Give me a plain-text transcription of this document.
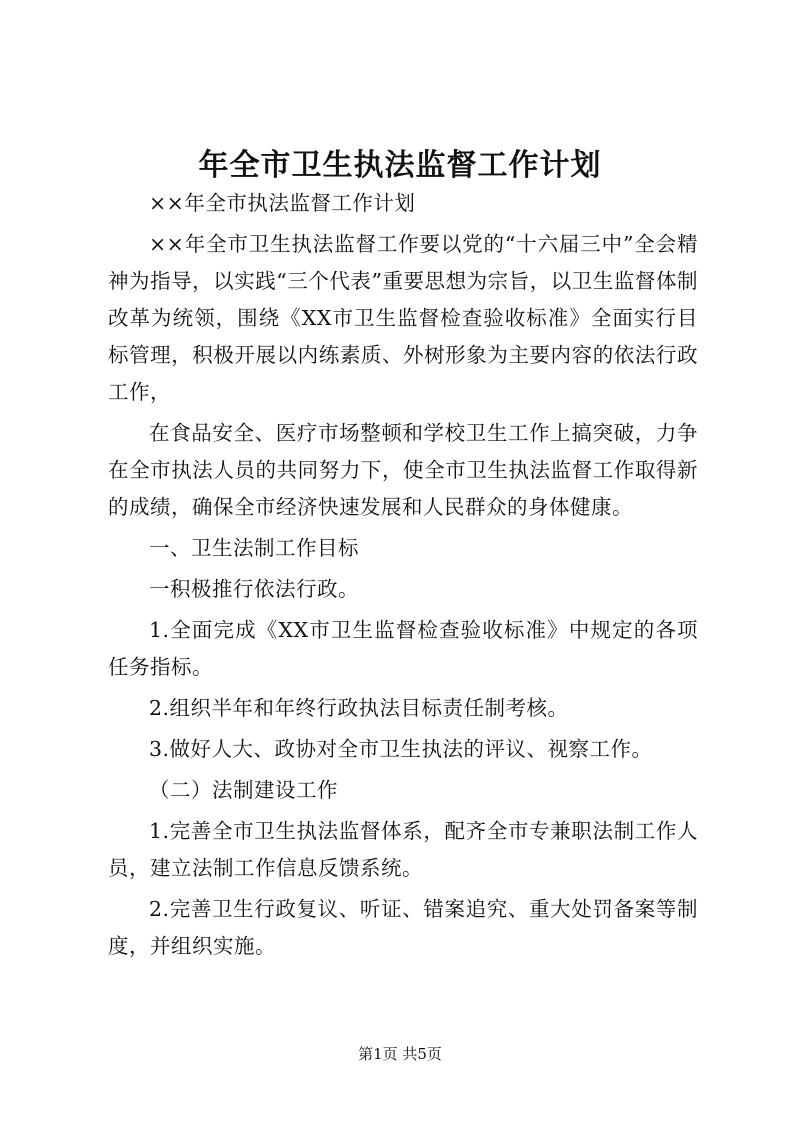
年全市卫生执法监督工作计划

××年全市执法监督工作计划

××年全市卫生执法监督工作要以党的“十六届三中”全会精神为指导，以实践“三个代表”重要思想为宗旨，以卫生监督体制改革为统领，围绕《XX市卫生监督检查验收标准》全面实行目标管理，积极开展以内练素质、外树形象为主要内容的依法行政工作，

在食品安全、医疗市场整顿和学校卫生工作上搞突破，力争在全市执法人员的共同努力下，使全市卫生执法监督工作取得新的成绩，确保全市经济快速发展和人民群众的身体健康。

一、卫生法制工作目标

一积极推行依法行政。

1.全面完成《XX市卫生监督检查验收标准》中规定的各项任务指标。

2.组织半年和年终行政执法目标责任制考核。

3.做好人大、政协对全市卫生执法的评议、视察工作。

（二）法制建设工作

1.完善全市卫生执法监督体系，配齐全市专兼职法制工作人员，建立法制工作信息反馈系统。

2.完善卫生行政复议、听证、错案追究、重大处罚备案等制度，并组织实施。

第1页 共5页
